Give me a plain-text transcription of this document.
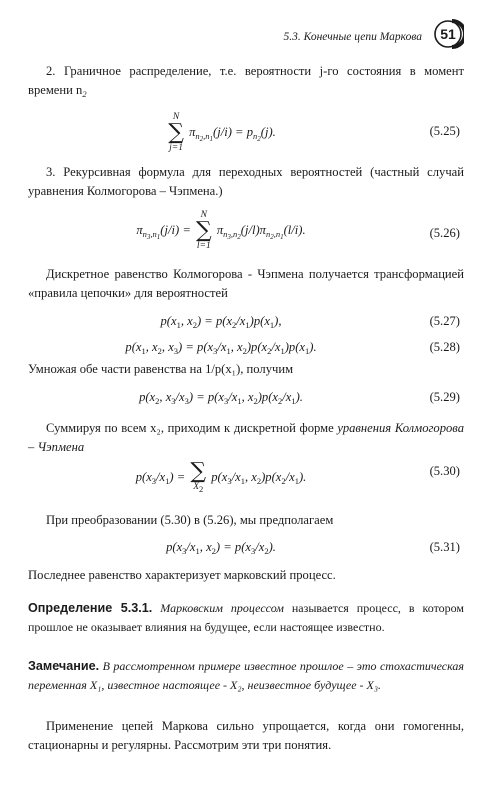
5.3. Конечные цепи Маркова	51

2. Граничное распределение, т.е. вероятности j-го состояния в момент времени $n_2$

N
∑
j=1
$\pi_{n_2,n_1}(j/i) = p_{n_2}(j)$.	(5.25)

3. Рекурсивная формула для переходных вероятностей (частный случай уравнения Колмогорова – Чэпмена.)

$\pi_{n_3,n_1}(j/i)$ =
N
∑
l=1
$\pi_{n_3,n_2}(j/l)\pi_{n_2,n_1}(l/i)$.	(5.26)

Дискретное равенство Колмогорова - Чэпмена получается трансформацией «правила цепочки» для вероятностей

$p(x_1$, $x_2) = p(x_2/x_1)p(x_1)$,	(5.27)
$p(x_1$, $x_2$, $x_3) = p(x_3/x_1$, $x_2)p(x_2/x_1)p(x_1)$.	(5.28)

Умножая обе части равенства на 1/p(x₁), получим

$p(x_2$, $x_3/x_3) = p(x_3/x_1$, $x_2)p(x_2/x_1)$.	(5.29)

Суммируя по всем x₂, приходим к дискретной форме уравнения Колмогорова – Чэпмена

$p(x_3/x_1)$ = ∑
$X_2$
$p(x_3/x_1$, $x_2)p(x_2/x_1)$.	(5.30)

При преобразовании (5.30) в (5.26), мы предполагаем

$p(x_3/x_1$, $x_2) = p(x_3/x_2)$.	(5.31)

Последнее равенство характеризует марковский процесс.

Определение 5.3.1. Марковским процессом называется процесс, в котором прошлое не оказывает влияния на будущее, если настоящее известно.

Замечание. В рассмотренном примере известное прошлое – это стохастическая переменная X₁, известное настоящее - X₂, неизвестное будущее - X₃.

Применение цепей Маркова сильно упрощается, когда они гомогенны, стационарны и регулярны. Рассмотрим эти три понятия.
